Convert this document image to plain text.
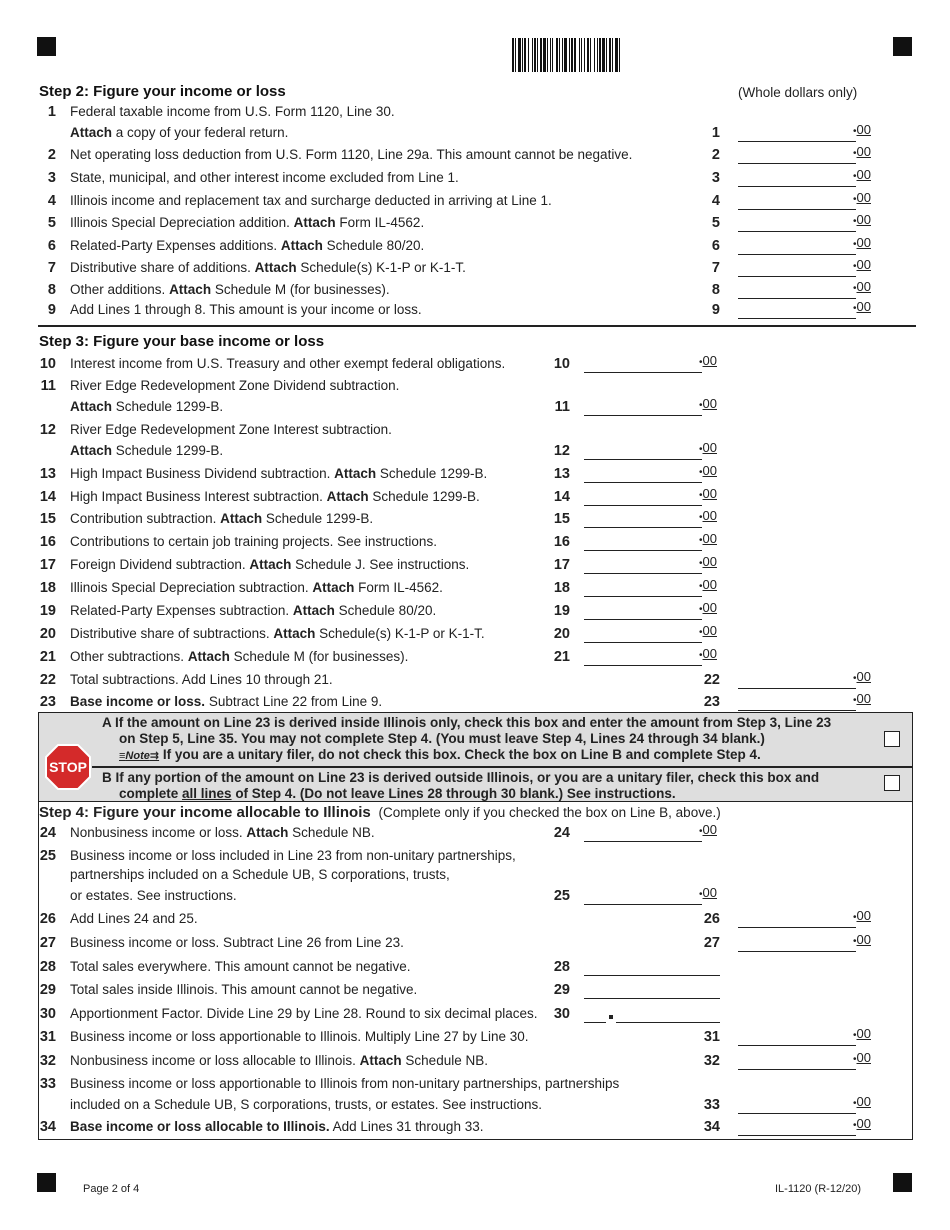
Step 2: Figure your income or loss	(Whole dollars only)
1 Federal taxable income from U.S. Form 1120, Line 30.
Attach a copy of your federal return.	1	• 00
2 Net operating loss deduction from U.S. Form 1120, Line 29a. This amount cannot be negative.	2	• 00
3 State, municipal, and other interest income excluded from Line 1.	3	• 00
4 Illinois income and replacement tax and surcharge deducted in arriving at Line 1.	4	• 00
5 Illinois Special Depreciation addition. Attach Form IL-4562.	5	• 00
6 Related-Party Expenses additions. Attach Schedule 80/20.	6	• 00
7 Distributive share of additions. Attach Schedule(s) K-1-P or K-1-T.	7	• 00
8 Other additions. Attach Schedule M (for businesses).	8	• 00
9 Add Lines 1 through 8. This amount is your income or loss.	9	• 00
Step 3: Figure your base income or loss
10 Interest income from U.S. Treasury and other exempt federal obligations.	10	• 00
11 River Edge Redevelopment Zone Dividend subtraction.
Attach Schedule 1299-B.	11	• 00
12 River Edge Redevelopment Zone Interest subtraction.
Attach Schedule 1299-B.	12	• 00
13 High Impact Business Dividend subtraction. Attach Schedule 1299-B.	13	• 00
14 High Impact Business Interest subtraction. Attach Schedule 1299-B.	14	• 00
15 Contribution subtraction. Attach Schedule 1299-B.	15	• 00
16 Contributions to certain job training projects. See instructions.	16	• 00
17 Foreign Dividend subtraction. Attach Schedule J. See instructions.	17	• 00
18 Illinois Special Depreciation subtraction. Attach Form IL-4562.	18	• 00
19 Related-Party Expenses subtraction. Attach Schedule 80/20.	19	• 00
20 Distributive share of subtractions. Attach Schedule(s) K-1-P or K-1-T.	20	• 00
21 Other subtractions. Attach Schedule M (for businesses).	21	• 00
22 Total subtractions. Add Lines 10 through 21.	22	• 00
23 Base income or loss. Subtract Line 22 from Line 9.	23	• 00
STOP
A If the amount on Line 23 is derived inside Illinois only, check this box and enter the amount from Step 3, Line 23
on Step 5, Line 35. You may not complete Step 4. (You must leave Step 4, Lines 24 through 34 blank.)
≡Note⇉ If you are a unitary filer, do not check this box. Check the box on Line B and complete Step 4.
B If any portion of the amount on Line 23 is derived outside Illinois, or you are a unitary filer, check this box and
complete all lines of Step 4. (Do not leave Lines 28 through 30 blank.) See instructions.
Step 4: Figure your income allocable to Illinois (Complete only if you checked the box on Line B, above.)
24 Nonbusiness income or loss. Attach Schedule NB.	24	• 00
25 Business income or loss included in Line 23 from non-unitary partnerships,
partnerships included on a Schedule UB, S corporations, trusts,
or estates. See instructions.	25	• 00
26 Add Lines 24 and 25.	26	• 00
27 Business income or loss. Subtract Line 26 from Line 23.	27	• 00
28 Total sales everywhere. This amount cannot be negative.	28
29 Total sales inside Illinois. This amount cannot be negative.	29
30 Apportionment Factor. Divide Line 29 by Line 28. Round to six decimal places.	30
31 Business income or loss apportionable to Illinois. Multiply Line 27 by Line 30.	31	• 00
32 Nonbusiness income or loss allocable to Illinois. Attach Schedule NB.	32	• 00
33 Business income or loss apportionable to Illinois from non-unitary partnerships, partnerships
included on a Schedule UB, S corporations, trusts, or estates. See instructions.	33	• 00
34 Base income or loss allocable to Illinois. Add Lines 31 through 33.	34	• 00
Page 2 of 4	IL-1120 (R-12/20)
